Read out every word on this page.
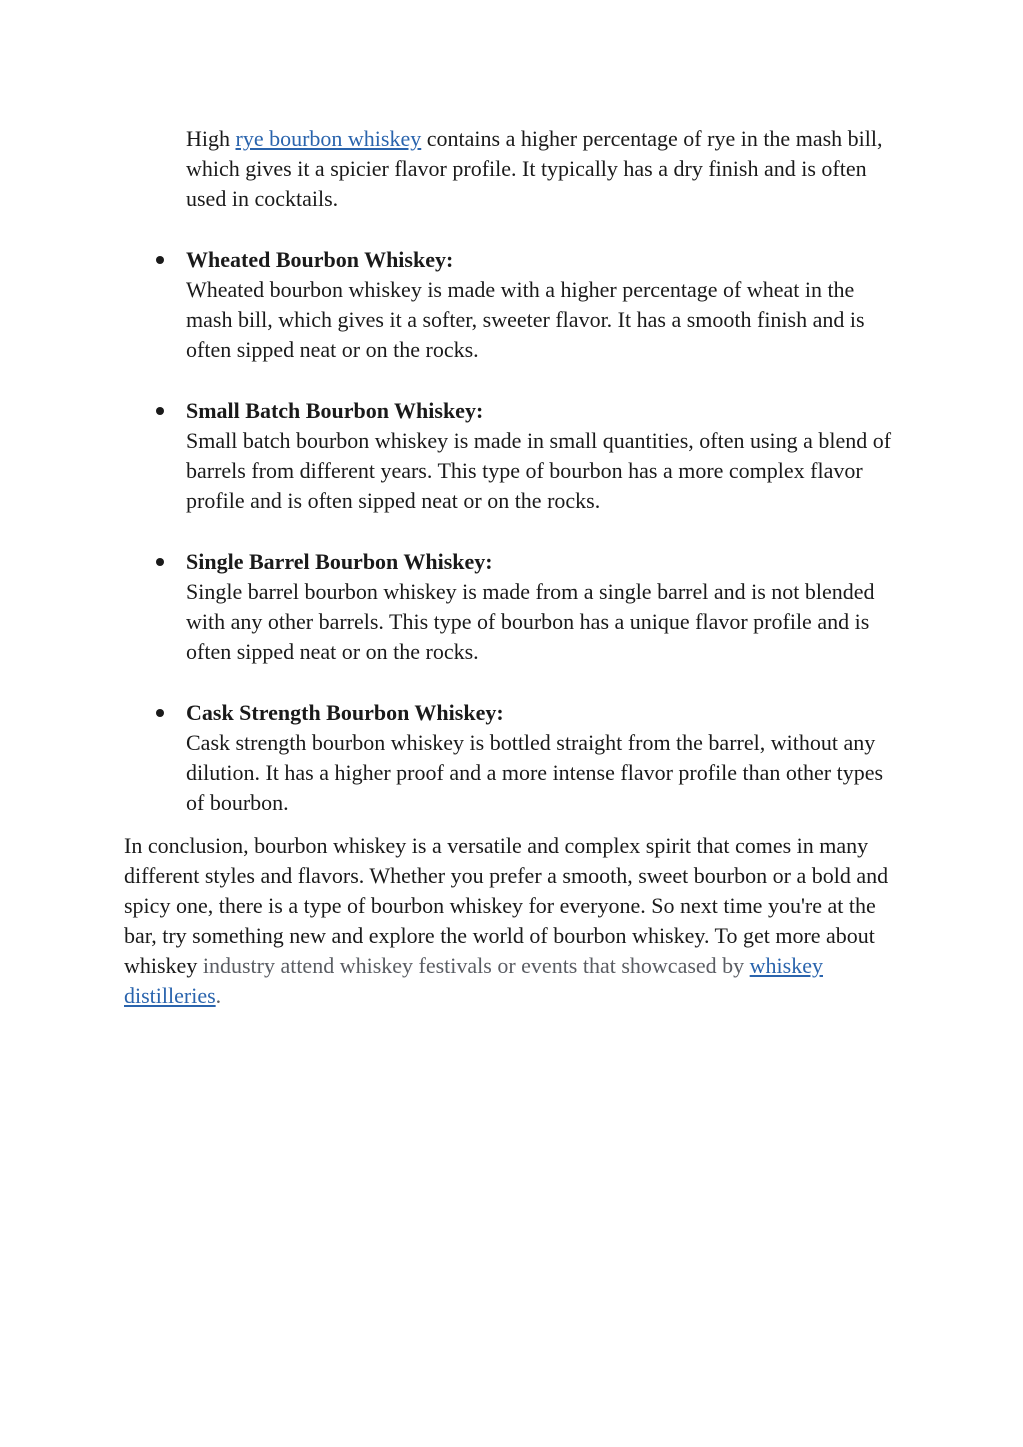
High rye bourbon whiskey contains a higher percentage of rye in the mash bill, which gives it a spicier flavor profile. It typically has a dry finish and is often used in cocktails.

Wheated Bourbon Whiskey:
Wheated bourbon whiskey is made with a higher percentage of wheat in the mash bill, which gives it a softer, sweeter flavor. It has a smooth finish and is often sipped neat or on the rocks.
Small Batch Bourbon Whiskey:
Small batch bourbon whiskey is made in small quantities, often using a blend of barrels from different years. This type of bourbon has a more complex flavor profile and is often sipped neat or on the rocks.
Single Barrel Bourbon Whiskey:
Single barrel bourbon whiskey is made from a single barrel and is not blended with any other barrels. This type of bourbon has a unique flavor profile and is often sipped neat or on the rocks.
Cask Strength Bourbon Whiskey:
Cask strength bourbon whiskey is bottled straight from the barrel, without any dilution. It has a higher proof and a more intense flavor profile than other types of bourbon.

In conclusion, bourbon whiskey is a versatile and complex spirit that comes in many different styles and flavors. Whether you prefer a smooth, sweet bourbon or a bold and spicy one, there is a type of bourbon whiskey for everyone. So next time you're at the bar, try something new and explore the world of bourbon whiskey. To get more about whiskey industry attend whiskey festivals or events that showcased by whiskey distilleries.
